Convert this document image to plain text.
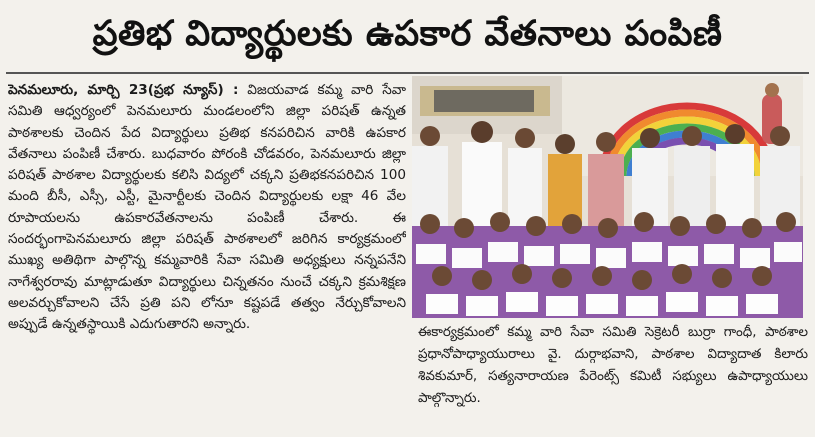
ప్రతిభ విద్యార్థులకు ఉపకార వేతనాలు పంపిణీ

పెనమలూరు, మార్చి 23(ప్రభ న్యూస్) : విజయవాడ కమ్మ వారి సేవా సమితి ఆధ్వర్యంలో పెనమలూరు మండలంలోని జిల్లా పరిషత్ ఉన్నత పాఠశాలకు చెందిన పేద విద్యార్థులు ప్రతిభ కనపరిచిన వారికి ఉపకార వేతనాలు పంపిణీ చేశారు. బుధవారం పోరంకి చోడవరం, పెనమలూరు జిల్లా పరిషత్ పాఠశాల విద్యార్థులకు కలిసి విద్యలో చక్కని ప్రతిభకనపరిచిన 100 మంది బీసీ, ఎస్సీ, ఎస్టీ, మైనార్టీలకు చెందిన విద్యార్థులకు లక్షా 46 వేల రూపాయలను ఉపకారవేతనాలను పంపిణీ చేశారు. ఈ సందర్భంగాపెనమలూరు జిల్లా పరిషత్ పాఠశాలలో జరిగిన కార్యక్రమంలో ముఖ్య అతిథిగా పాల్గొన్న కమ్మవారికి సేవా సమితి అధ్యక్షులు నన్నపనేని నాగేశ్వరరావు మాట్లాడుతూ విద్యార్థులు చిన్నతనం నుంచే చక్కని క్రమశిక్షణ అలవర్చుకోవాలని చేసే ప్రతి పని లోనూ కష్టపడే తత్వం నేర్చుకోవాలని అప్పుడే ఉన్నతస్థాయికి ఎదుగుతారని అన్నారు.

ఈకార్యక్రమంలో కమ్మ వారి సేవా సమితి సెక్రెటరీ బుర్రా గాంధీ, పాఠశాల ప్రధానోపాధ్యాయురాలు వై. దుర్గాభవాని, పాఠశాల విద్యాదాత కిలారు శివకుమార్, సత్యనారాయణ పేరెంట్స్ కమిటీ సభ్యులు ఉపాధ్యాయులు పాల్గొన్నారు.
